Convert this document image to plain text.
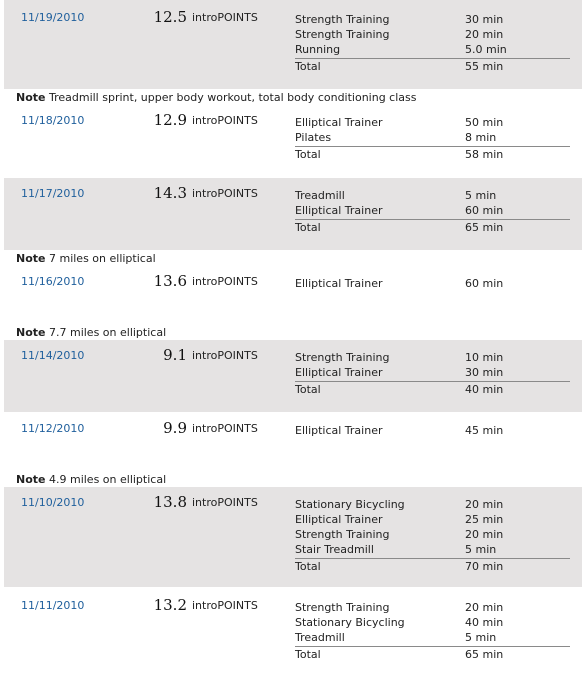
11/19/2010	12.5 introPOINTS	Strength Training	30 min
Strength Training	20 min
Running	5.0 min
Total	55 min
Note Treadmill sprint, upper body workout, total body conditioning class
11/18/2010	12.9 introPOINTS	Elliptical Trainer	50 min
Pilates	8 min
Total	58 min
11/17/2010	14.3 introPOINTS	Treadmill	5 min
Elliptical Trainer	60 min
Total	65 min
Note 7 miles on elliptical
11/16/2010	13.6 introPOINTS	Elliptical Trainer	60 min
Note 7.7 miles on elliptical
11/14/2010	9.1 introPOINTS	Strength Training	10 min
Elliptical Trainer	30 min
Total	40 min
11/12/2010	9.9 introPOINTS	Elliptical Trainer	45 min
Note 4.9 miles on elliptical
11/10/2010	13.8 introPOINTS	Stationary Bicycling	20 min
Elliptical Trainer	25 min
Strength Training	20 min
Stair Treadmill	5 min
Total	70 min
11/11/2010	13.2 introPOINTS	Strength Training	20 min
Stationary Bicycling	40 min
Treadmill	5 min
Total	65 min
